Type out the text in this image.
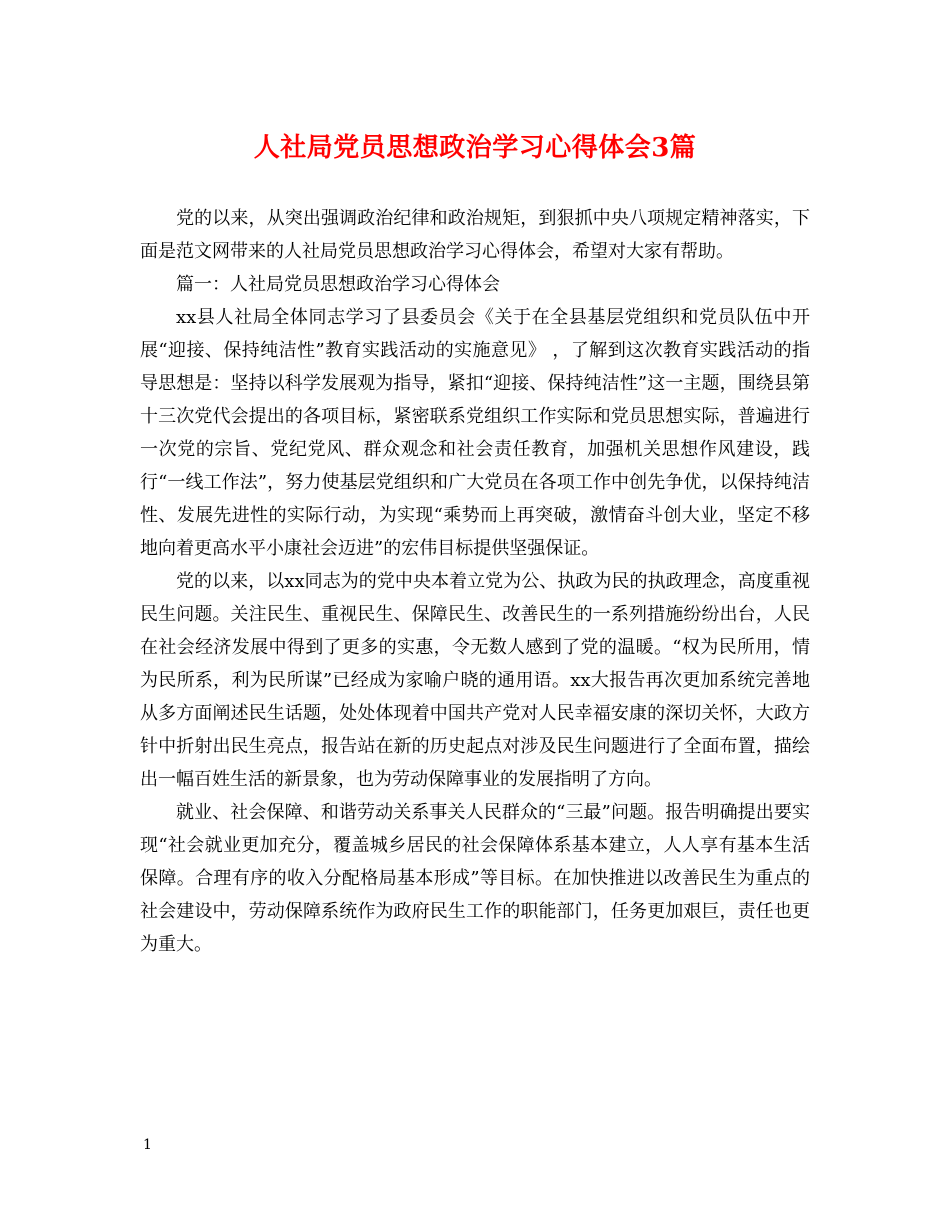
人社局党员思想政治学习心得体会3篇

党的以来，从突出强调政治纪律和政治规矩，到狠抓中央八项规定精神落实，下面是范文网带来的人社局党员思想政治学习心得体会，希望对大家有帮助。

篇一：人社局党员思想政治学习心得体会

xx县人社局全体同志学习了县委员会《关于在全县基层党组织和党员队伍中开展“迎接、保持纯洁性”教育实践活动的实施意见》 ，了解到这次教育实践活动的指导思想是：坚持以科学发展观为指导，紧扣“迎接、保持纯洁性”这一主题，围绕县第十三次党代会提出的各项目标，紧密联系党组织工作实际和党员思想实际，普遍进行一次党的宗旨、党纪党风、群众观念和社会责任教育，加强机关思想作风建设，践行“一线工作法”，努力使基层党组织和广大党员在各项工作中创先争优，以保持纯洁性、发展先进性的实际行动，为实现“乘势而上再突破，激情奋斗创大业，坚定不移地向着更高水平小康社会迈进”的宏伟目标提供坚强保证。

党的以来，以xx同志为的党中央本着立党为公、执政为民的执政理念，高度重视民生问题。关注民生、重视民生、保障民生、改善民生的一系列措施纷纷出台，人民在社会经济发展中得到了更多的实惠，令无数人感到了党的温暖。“权为民所用，情为民所系，利为民所谋”已经成为家喻户晓的通用语。xx大报告再次更加系统完善地从多方面阐述民生话题，处处体现着中国共产党对人民幸福安康的深切关怀，大政方针中折射出民生亮点，报告站在新的历史起点对涉及民生问题进行了全面布置，描绘出一幅百姓生活的新景象，也为劳动保障事业的发展指明了方向。

就业、社会保障、和谐劳动关系事关人民群众的“三最”问题。报告明确提出要实现“社会就业更加充分，覆盖城乡居民的社会保障体系基本建立，人人享有基本生活保障。合理有序的收入分配格局基本形成”等目标。在加快推进以改善民生为重点的社会建设中，劳动保障系统作为政府民生工作的职能部门，任务更加艰巨，责任也更为重大。

1
